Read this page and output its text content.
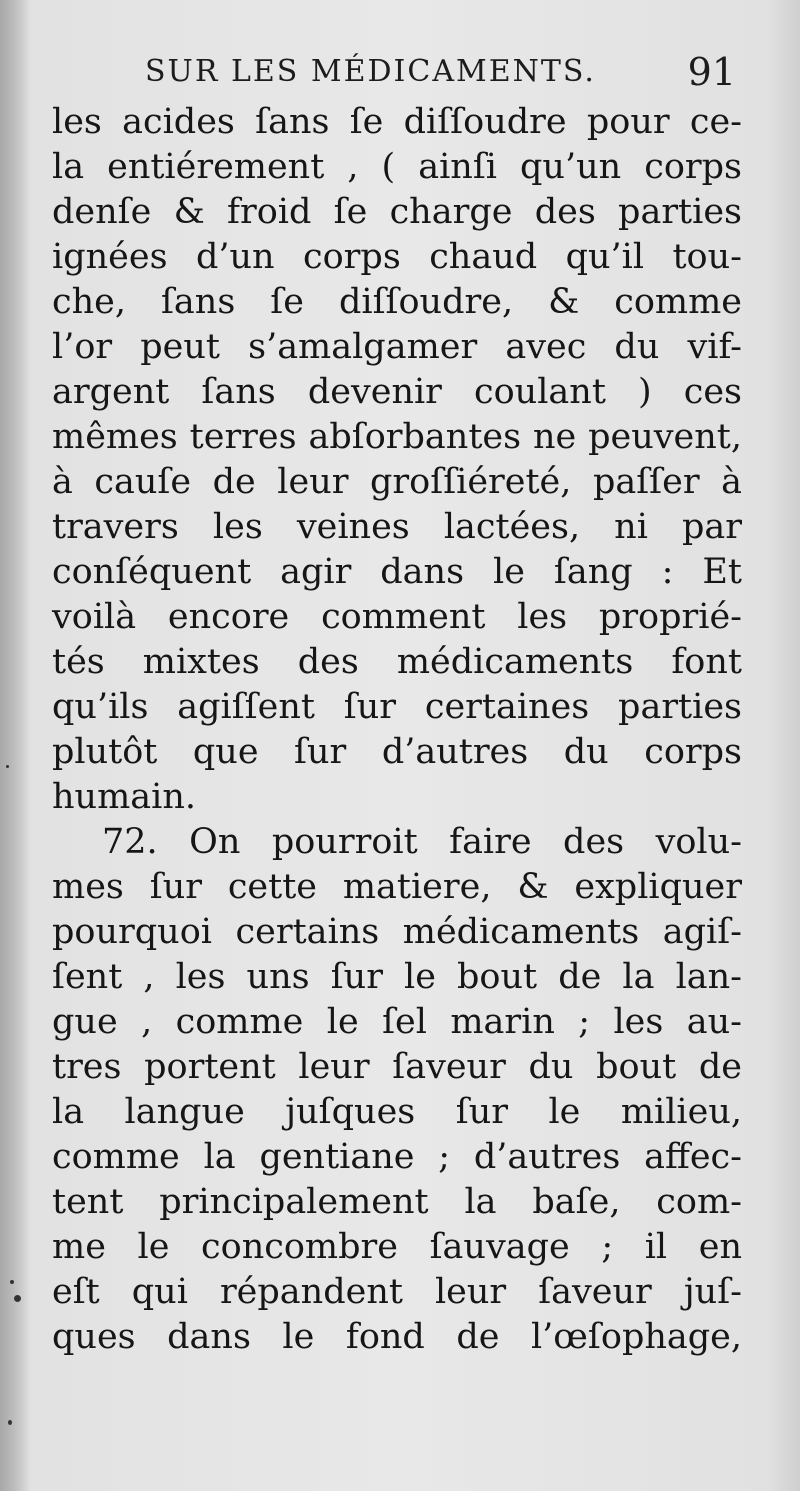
SUR LES MÉDICAMENTS. 91
les acides ſans ſe diſſoudre pour ce-
la entiérement , ( ainſi qu’un corps
denſe & froid ſe charge des parties
ignées d’un corps chaud qu’il tou-
che, ſans ſe diſſoudre, & comme
l’or peut s’amalgamer avec du vif-
argent ſans devenir coulant ) ces
mêmes terres abſorbantes ne peuvent,
à cauſe de leur groſſiéreté, paſſer à
travers les veines lactées, ni par
conſéquent agir dans le ſang : Et
voilà encore comment les proprié-
tés mixtes des médicaments font
qu’ils agiſſent ſur certaines parties
plutôt que ſur d’autres du corps
humain.
72. On pourroit faire des volu-
mes ſur cette matiere, & expliquer
pourquoi certains médicaments agiſ-
ſent , les uns ſur le bout de la lan-
gue , comme le ſel marin ; les au-
tres portent leur ſaveur du bout de
la langue juſques ſur le milieu,
comme la gentiane ; d’autres affec-
tent principalement la baſe, com-
me le concombre ſauvage ; il en
eſt qui répandent leur ſaveur juſ-
ques dans le fond de l’œſophage,
